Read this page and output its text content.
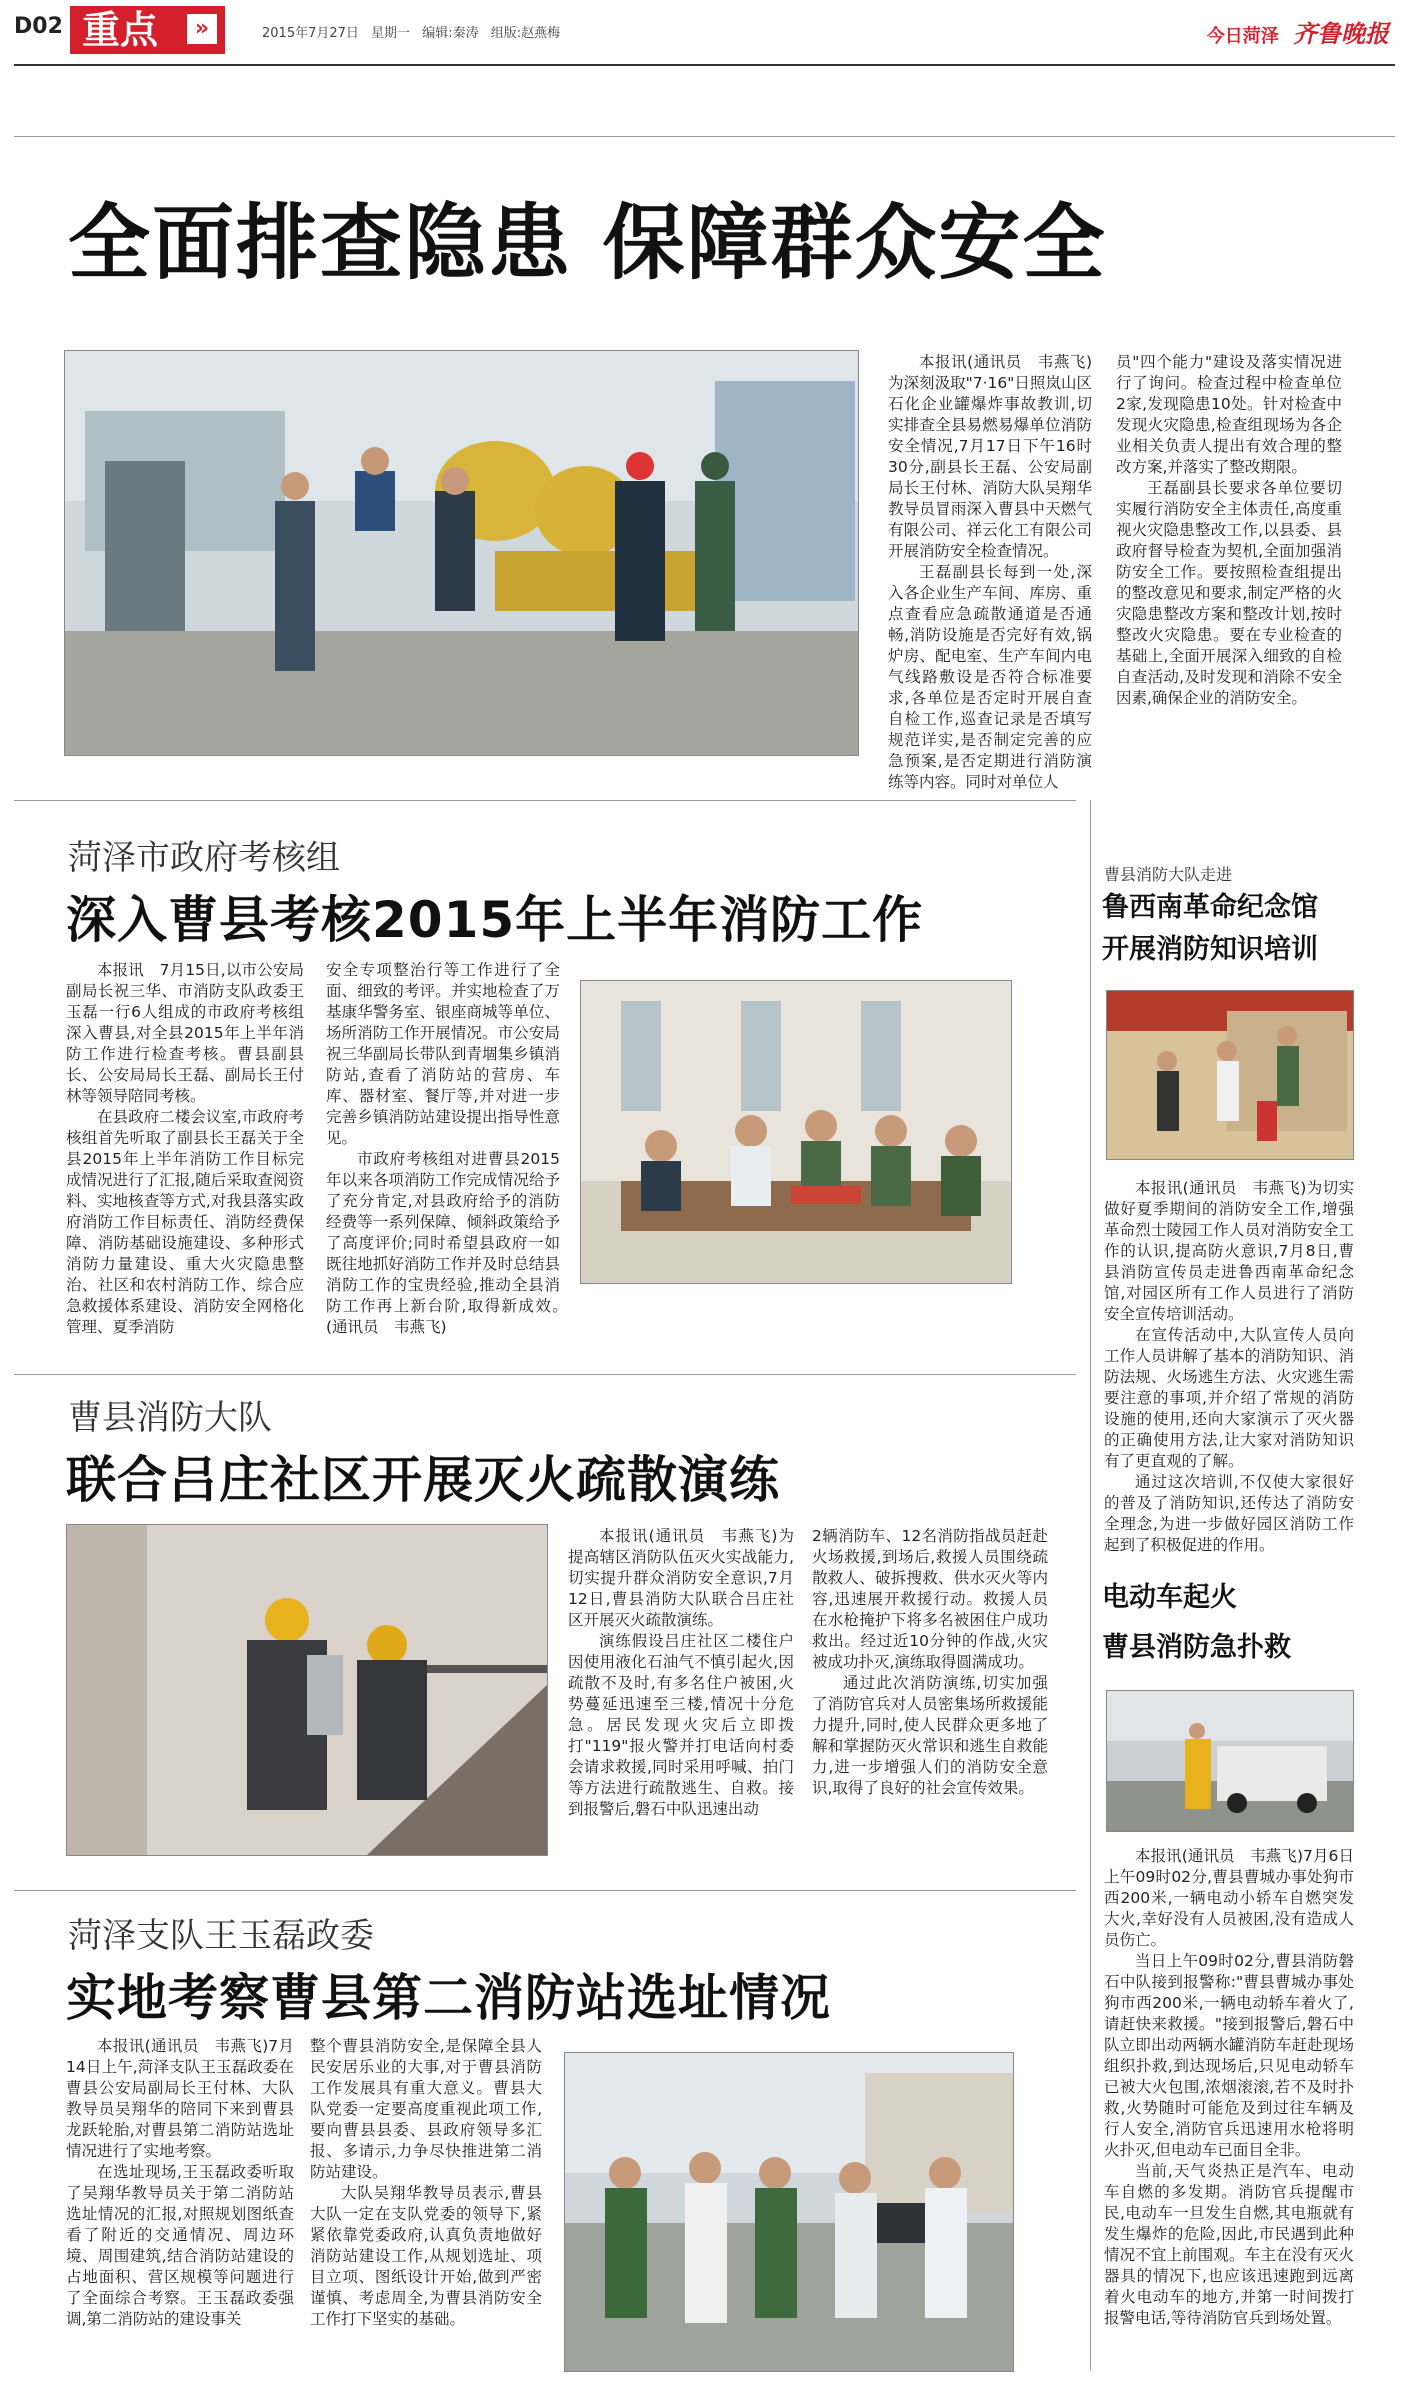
D02 重点	»	2015年7月27日 星期一 编辑:秦涛 组版:赵燕梅	今日菏泽 齐鲁晚报
全面排查隐患 保障群众安全

本报讯(通讯员　韦燕飞)为深刻汲取"7·16"日照岚山区石化企业罐爆炸事故教训,切实排查全县易燃易爆单位消防安全情况,7月17日下午16时30分,副县长王磊、公安局副局长王付林、消防大队吴翔华教导员冒雨深入曹县中天燃气有限公司、祥云化工有限公司开展消防安全检查情况。

王磊副县长每到一处,深入各企业生产车间、库房、重点查看应急疏散通道是否通畅,消防设施是否完好有效,锅炉房、配电室、生产车间内电气线路敷设是否符合标准要求,各单位是否定时开展自查自检工作,巡查记录是否填写规范详实,是否制定完善的应急预案,是否定期进行消防演练等内容。同时对单位人

员"四个能力"建设及落实情况进行了询问。检查过程中检查单位2家,发现隐患10处。针对检查中发现火灾隐患,检查组现场为各企业相关负责人提出有效合理的整改方案,并落实了整改期限。

王磊副县长要求各单位要切实履行消防安全主体责任,高度重视火灾隐患整改工作,以县委、县政府督导检查为契机,全面加强消防安全工作。要按照检查组提出的整改意见和要求,制定严格的火灾隐患整改方案和整改计划,按时整改火灾隐患。要在专业检查的基础上,全面开展深入细致的自检自查活动,及时发现和消除不安全因素,确保企业的消防安全。

菏泽市政府考核组
深入曹县考核2015年上半年消防工作

本报讯　7月15日,以市公安局副局长祝三华、市消防支队政委王玉磊一行6人组成的市政府考核组深入曹县,对全县2015年上半年消防工作进行检查考核。曹县副县长、公安局局长王磊、副局长王付林等领导陪同考核。

在县政府二楼会议室,市政府考核组首先听取了副县长王磊关于全县2015年上半年消防工作目标完成情况进行了汇报,随后采取查阅资料、实地核查等方式,对我县落实政府消防工作目标责任、消防经费保障、消防基础设施建设、多种形式消防力量建设、重大火灾隐患整治、社区和农村消防工作、综合应急救援体系建设、消防安全网格化管理、夏季消防

安全专项整治行等工作进行了全面、细致的考评。并实地检查了万基康华警务室、银座商城等单位、场所消防工作开展情况。市公安局祝三华副局长带队到青堌集乡镇消防站,查看了消防站的营房、车库、器材室、餐厅等,并对进一步完善乡镇消防站建设提出指导性意见。

市政府考核组对进曹县2015年以来各项消防工作完成情况给予了充分肯定,对县政府给予的消防经费等一系列保障、倾斜政策给予了高度评价;同时希望县政府一如既往地抓好消防工作并及时总结县消防工作的宝贵经验,推动全县消防工作再上新台阶,取得新成效。　(通讯员　韦燕飞)

曹县消防大队
联合吕庄社区开展灭火疏散演练

本报讯(通讯员　韦燕飞)为提高辖区消防队伍灭火实战能力,切实提升群众消防安全意识,7月12日,曹县消防大队联合吕庄社区开展灭火疏散演练。

演练假设吕庄社区二楼住户因使用液化石油气不慎引起火,因疏散不及时,有多名住户被困,火势蔓延迅速至三楼,情况十分危急。居民发现火灾后立即拨打"119"报火警并打电话向村委会请求救援,同时采用呼喊、拍门等方法进行疏散逃生、自救。接到报警后,磐石中队迅速出动

2辆消防车、12名消防指战员赶赴火场救援,到场后,救援人员围绕疏散救人、破拆搜救、供水灭火等内容,迅速展开救援行动。救援人员在水枪掩护下将多名被困住户成功救出。经过近10分钟的作战,火灾被成功扑灭,演练取得圆满成功。

通过此次消防演练,切实加强了消防官兵对人员密集场所救援能力提升,同时,使人民群众更多地了解和掌握防灭火常识和逃生自救能力,进一步增强人们的消防安全意识,取得了良好的社会宣传效果。

菏泽支队王玉磊政委
实地考察曹县第二消防站选址情况

本报讯(通讯员　韦燕飞)7月14日上午,菏泽支队王玉磊政委在曹县公安局副局长王付林、大队教导员吴翔华的陪同下来到曹县龙跃轮胎,对曹县第二消防站选址情况进行了实地考察。

在选址现场,王玉磊政委听取了吴翔华教导员关于第二消防站选址情况的汇报,对照规划图纸查看了附近的交通情况、周边环境、周围建筑,结合消防站建设的占地面积、营区规模等问题进行了全面综合考察。王玉磊政委强调,第二消防站的建设事关

整个曹县消防安全,是保障全县人民安居乐业的大事,对于曹县消防工作发展具有重大意义。曹县大队党委一定要高度重视此项工作,要向曹县县委、县政府领导多汇报、多请示,力争尽快推进第二消防站建设。

大队吴翔华教导员表示,曹县大队一定在支队党委的领导下,紧紧依靠党委政府,认真负责地做好消防站建设工作,从规划选址、项目立项、图纸设计开始,做到严密谨慎、考虑周全,为曹县消防安全工作打下坚实的基础。

曹县消防大队走进
鲁西南革命纪念馆
开展消防知识培训

本报讯(通讯员　韦燕飞)为切实做好夏季期间的消防安全工作,增强革命烈士陵园工作人员对消防安全工作的认识,提高防火意识,7月8日,曹县消防宣传员走进鲁西南革命纪念馆,对园区所有工作人员进行了消防安全宣传培训活动。

在宣传活动中,大队宣传人员向工作人员讲解了基本的消防知识、消防法规、火场逃生方法、火灾逃生需要注意的事项,并介绍了常规的消防设施的使用,还向大家演示了灭火器的正确使用方法,让大家对消防知识有了更直观的了解。

通过这次培训,不仅使大家很好的普及了消防知识,还传达了消防安全理念,为进一步做好园区消防工作起到了积极促进的作用。

电动车起火
曹县消防急扑救

本报讯(通讯员　韦燕飞)7月6日上午09时02分,曹县曹城办事处狗市西200米,一辆电动小轿车自燃突发大火,幸好没有人员被困,没有造成人员伤亡。

当日上午09时02分,曹县消防磐石中队接到报警称:"曹县曹城办事处狗市西200米,一辆电动轿车着火了,请赶快来救援。"接到报警后,磐石中队立即出动两辆水罐消防车赶赴现场组织扑救,到达现场后,只见电动轿车已被大火包围,浓烟滚滚,若不及时扑救,火势随时可能危及到过往车辆及行人安全,消防官兵迅速用水枪将明火扑灭,但电动车已面目全非。

当前,天气炎热正是汽车、电动车自燃的多发期。消防官兵提醒市民,电动车一旦发生自燃,其电瓶就有发生爆炸的危险,因此,市民遇到此种情况不宜上前围观。车主在没有灭火器具的情况下,也应该迅速跑到远离着火电动车的地方,并第一时间拨打报警电话,等待消防官兵到场处置。
